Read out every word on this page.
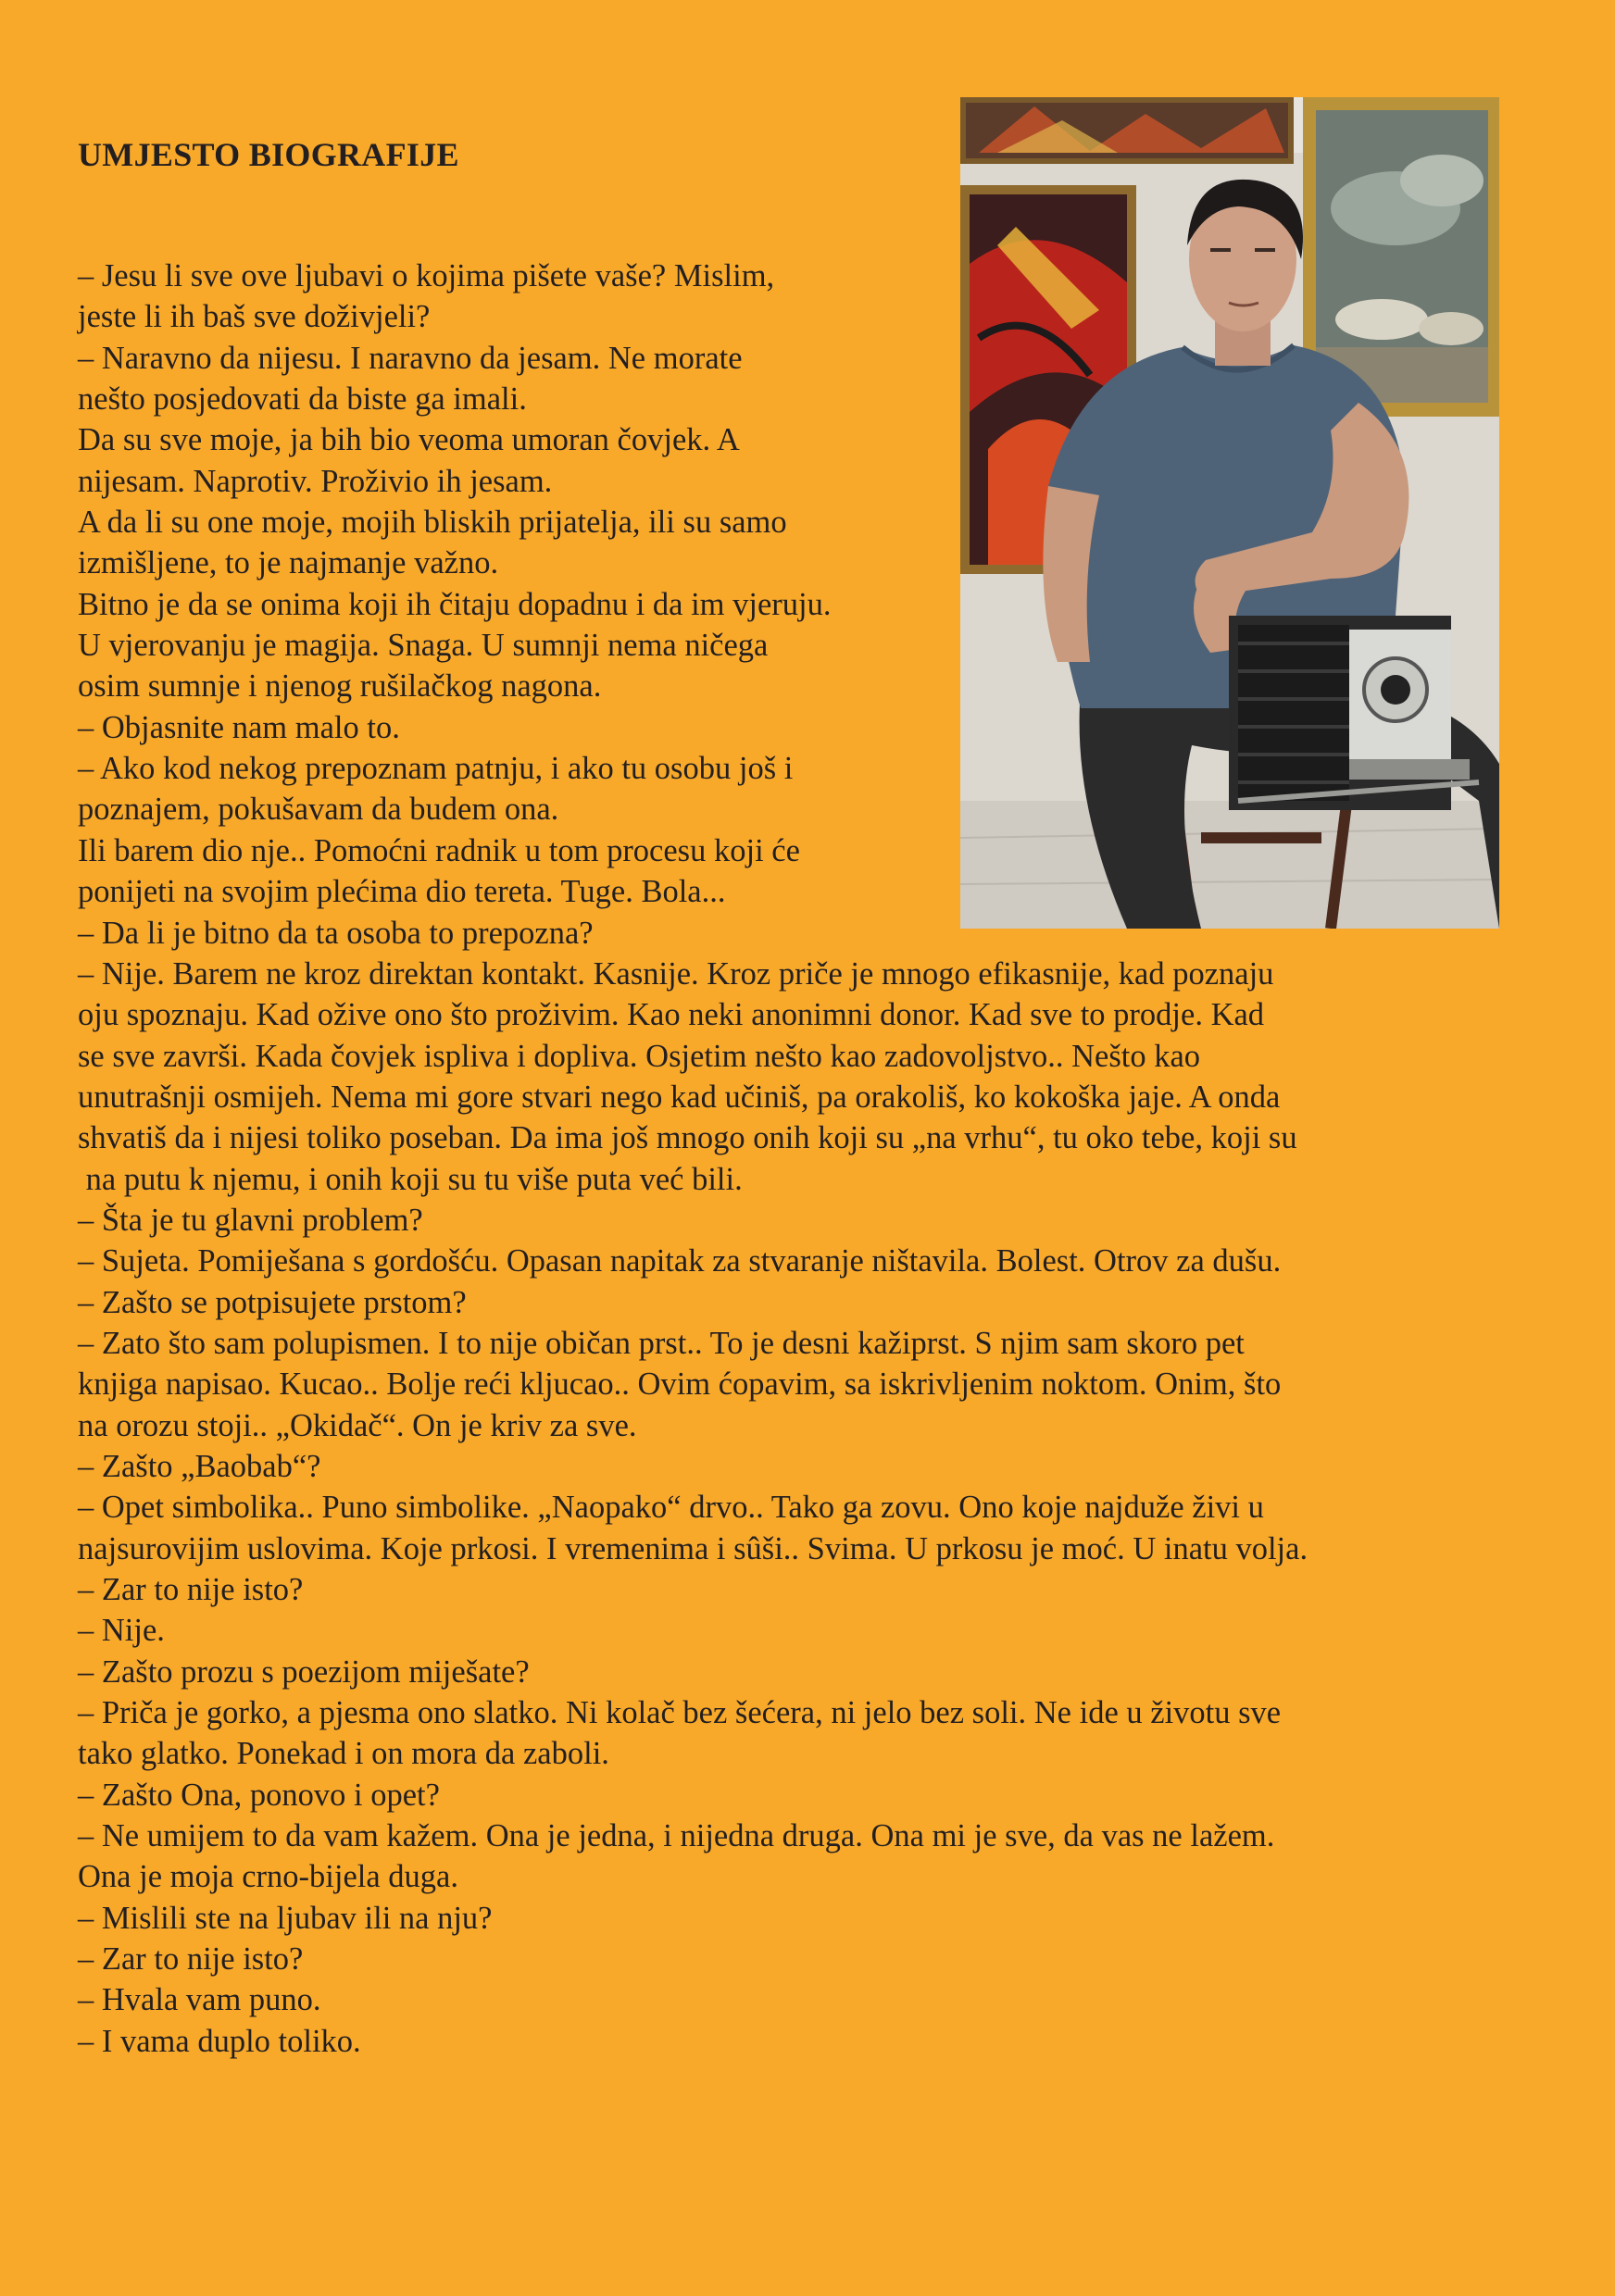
UMJESTO BIOGRAFIJE
– Jesu li sve ove ljubavi o kojima pišete vaše? Mislim,
jeste li ih baš sve doživjeli?
– Naravno da nijesu. I naravno da jesam. Ne morate
nešto posjedovati da biste ga imali.
Da su sve moje, ja bih bio veoma umoran čovjek. A
nijesam. Naprotiv. Proživio ih jesam.
A da li su one moje, mojih bliskih prijatelja, ili su samo
izmišljene, to je najmanje važno.
Bitno je da se onima koji ih čitaju dopadnu i da im vjeruju.
U vjerovanju je magija. Snaga. U sumnji nema ničega
osim sumnje i njenog rušilačkog nagona.
– Objasnite nam malo to.
– Ako kod nekog prepoznam patnju, i ako tu osobu još i
poznajem, pokušavam da budem ona.
Ili barem dio nje.. Pomoćni radnik u tom procesu koji će
ponijeti na svojim plećima dio tereta. Tuge. Bola...
– Da li je bitno da ta osoba to prepozna?
– Nije. Barem ne kroz direktan kontakt. Kasnije. Kroz priče je mnogo efikasnije, kad poznaju
oju spoznaju. Kad ožive ono što proživim. Kao neki anonimni donor. Kad sve to prodje. Kad
se sve završi. Kada čovjek ispliva i dopliva. Osjetim nešto kao zadovoljstvo.. Nešto kao
unutrašnji osmijeh. Nema mi gore stvari nego kad učiniš, pa orakoliš, ko kokoška jaje. A onda
shvatiš da i nijesi toliko poseban. Da ima još mnogo onih koji su „na vrhu“, tu oko tebe, koji su
na putu k njemu, i onih koji su tu više puta već bili.
– Šta je tu glavni problem?
– Sujeta. Pomiješana s gordošću. Opasan napitak za stvaranje ništavila. Bolest. Otrov za dušu.
– Zašto se potpisujete prstom?
– Zato što sam polupismen. I to nije običan prst.. To je desni kažiprst. S njim sam skoro pet
knjiga napisao. Kucao.. Bolje reći kljucao.. Ovim ćopavim, sa iskrivljenim noktom. Onim, što
na orozu stoji.. „Okidač“. On je kriv za sve.
– Zašto „Baobab“?
– Opet simbolika.. Puno simbolike. „Naopako“ drvo.. Tako ga zovu. Ono koje najduže živi u
najsurovijim uslovima. Koje prkosi. I vremenima i sûši.. Svima. U prkosu je moć. U inatu volja.
– Zar to nije isto?
– Nije.
– Zašto prozu s poezijom miješate?
– Priča je gorko, a pjesma ono slatko. Ni kolač bez šećera, ni jelo bez soli. Ne ide u životu sve
tako glatko. Ponekad i on mora da zaboli.
– Zašto Ona, ponovo i opet?
– Ne umijem to da vam kažem. Ona je jedna, i nijedna druga. Ona mi je sve, da vas ne lažem.
Ona je moja crno-bijela duga.
– Mislili ste na ljubav ili na nju?
– Zar to nije isto?
– Hvala vam puno.
– I vama duplo toliko.
